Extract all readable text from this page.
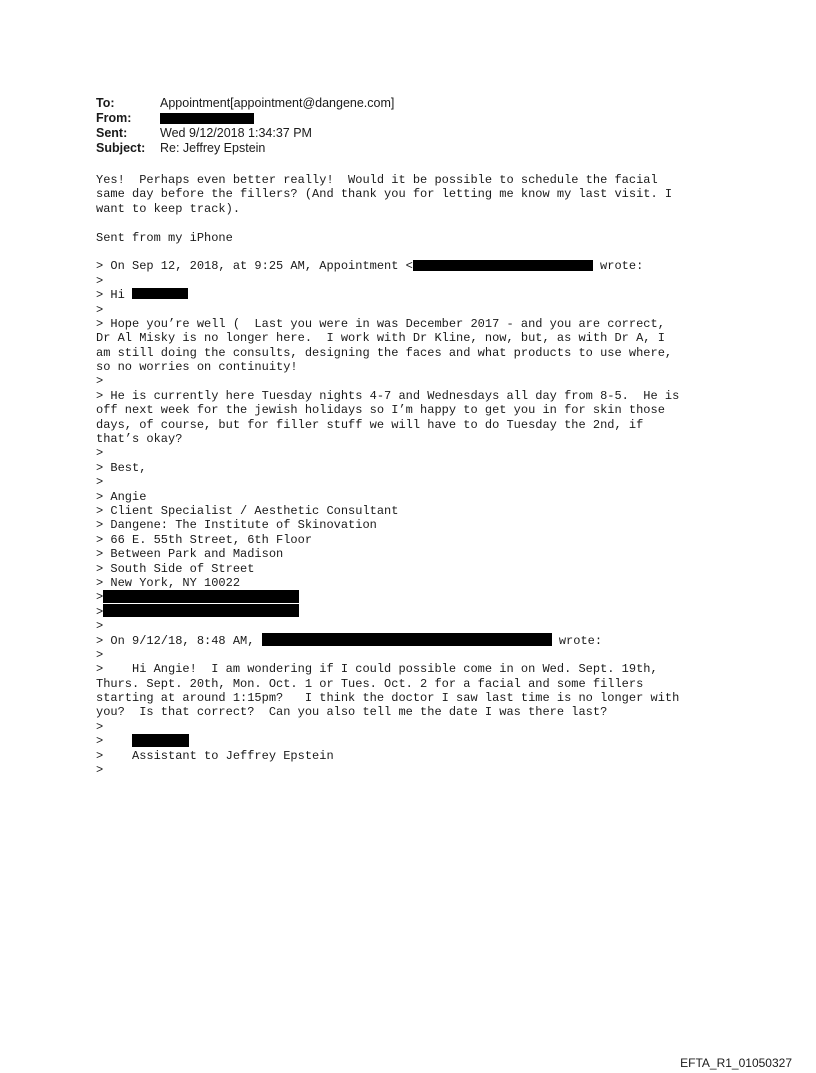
To:	Appointment[appointment@dangene.com]
From:
Sent:	Wed 9/12/2018 1:34:37 PM
Subject: Re: Jeffrey Epstein
Yes!  Perhaps even better really!  Would it be possible to schedule the facial
same day before the fillers? (And thank you for letting me know my last visit. I
want to keep track).
Sent from my iPhone
> On Sep 12, 2018, at 9:25 AM, Appointment <	wrote:
>
> Hi
>
> Hope you’re well (  Last you were in was December 2017 - and you are correct,
Dr Al Misky is no longer here.  I work with Dr Kline, now, but, as with Dr A, I
am still doing the consults, designing the faces and what products to use where,
so no worries on continuity!
>
> He is currently here Tuesday nights 4-7 and Wednesdays all day from 8-5.  He is
off next week for the jewish holidays so I’m happy to get you in for skin those
days, of course, but for filler stuff we will have to do Tuesday the 2nd, if
that’s okay?
>
> Best,
>
> Angie
> Client Specialist / Aesthetic Consultant
> Dangene: The Institute of Skinovation
> 66 E. 55th Street, 6th Floor
> Between Park and Madison
> South Side of Street
> New York, NY 10022
>
>
>
> On 9/12/18, 8:48 AM,	wrote:
>
>    Hi Angie!  I am wondering if I could possible come in on Wed. Sept. 19th,
Thurs. Sept. 20th, Mon. Oct. 1 or Tues. Oct. 2 for a facial and some fillers
starting at around 1:15pm?   I think the doctor I saw last time is no longer with
you?  Is that correct?  Can you also tell me the date I was there last?
>
>
>    Assistant to Jeffrey Epstein
>
EFTA_R1_01050327
